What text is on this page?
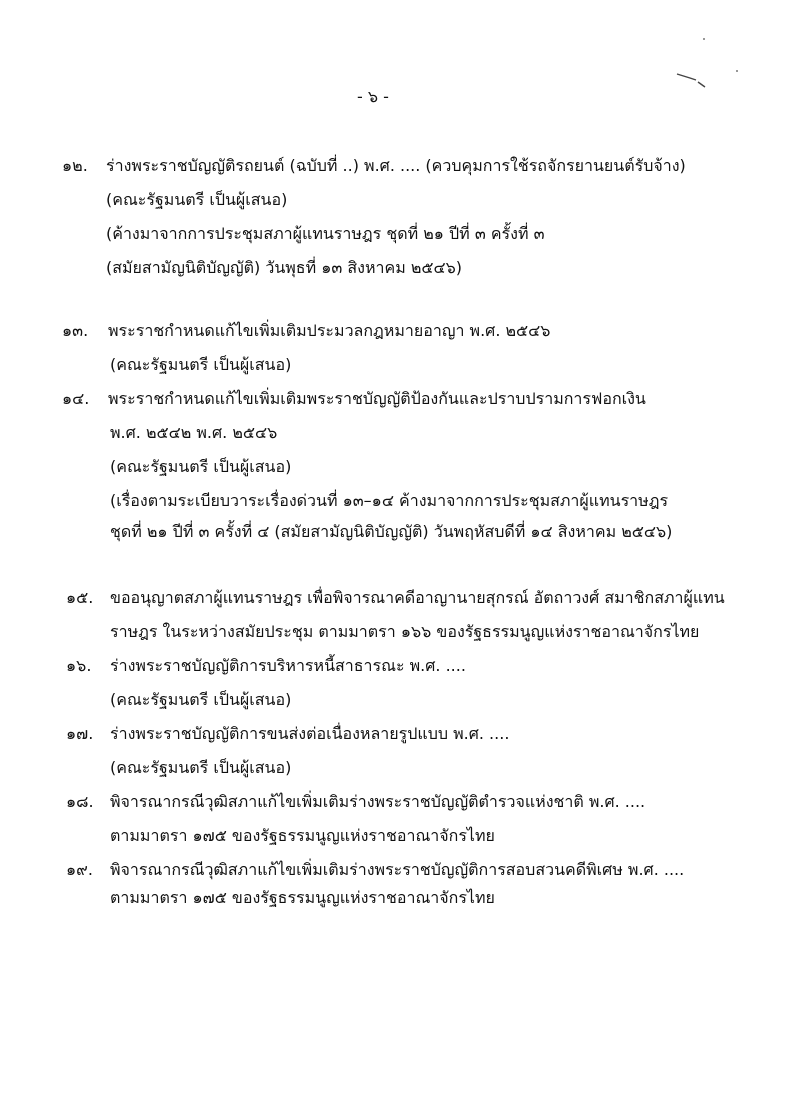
- ๖ -
๑๒. ร่างพระราชบัญญัติรถยนต์ (ฉบับที่ ..) พ.ศ. .... (ควบคุมการใช้รถจักรยานยนต์รับจ้าง)
(คณะรัฐมนตรี เป็นผู้เสนอ)
(ค้างมาจากการประชุมสภาผู้แทนราษฎร ชุดที่ ๒๑ ปีที่ ๓ ครั้งที่ ๓
(สมัยสามัญนิติบัญญัติ) วันพุธที่ ๑๓ สิงหาคม ๒๕๔๖)
๑๓. พระราชกำหนดแก้ไขเพิ่มเติมประมวลกฎหมายอาญา พ.ศ. ๒๕๔๖
(คณะรัฐมนตรี เป็นผู้เสนอ)
๑๔. พระราชกำหนดแก้ไขเพิ่มเติมพระราชบัญญัติป้องกันและปราบปรามการฟอกเงิน
พ.ศ. ๒๕๔๒ พ.ศ. ๒๕๔๖
(คณะรัฐมนตรี เป็นผู้เสนอ)
(เรื่องตามระเบียบวาระเรื่องด่วนที่ ๑๓–๑๔ ค้างมาจากการประชุมสภาผู้แทนราษฎร
ชุดที่ ๒๑ ปีที่ ๓ ครั้งที่ ๔ (สมัยสามัญนิติบัญญัติ) วันพฤหัสบดีที่ ๑๔ สิงหาคม ๒๕๔๖)
๑๕. ขออนุญาตสภาผู้แทนราษฎร เพื่อพิจารณาคดีอาญานายสุกรณ์ อัตถาวงศ์ สมาชิกสภาผู้แทน
ราษฎร ในระหว่างสมัยประชุม ตามมาตรา ๑๖๖ ของรัฐธรรมนูญแห่งราชอาณาจักรไทย
๑๖. ร่างพระราชบัญญัติการบริหารหนี้สาธารณะ พ.ศ. ....
(คณะรัฐมนตรี เป็นผู้เสนอ)
๑๗. ร่างพระราชบัญญัติการขนส่งต่อเนื่องหลายรูปแบบ พ.ศ. ....
(คณะรัฐมนตรี เป็นผู้เสนอ)
๑๘. พิจารณากรณีวุฒิสภาแก้ไขเพิ่มเติมร่างพระราชบัญญัติตำรวจแห่งชาติ พ.ศ. ....
ตามมาตรา ๑๗๕ ของรัฐธรรมนูญแห่งราชอาณาจักรไทย
๑๙. พิจารณากรณีวุฒิสภาแก้ไขเพิ่มเติมร่างพระราชบัญญัติการสอบสวนคดีพิเศษ พ.ศ. ....
ตามมาตรา ๑๗๕ ของรัฐธรรมนูญแห่งราชอาณาจักรไทย
